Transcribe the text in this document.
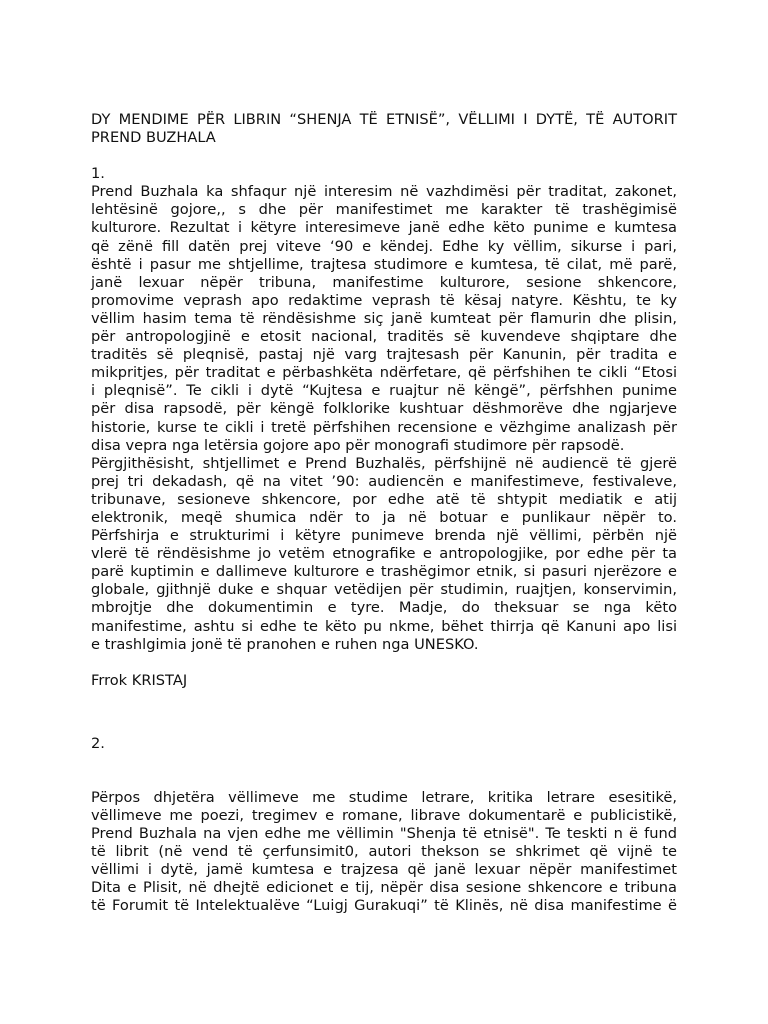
DY MENDIME PËR LIBRIN “SHENJA TË ETNISË”, VËLLIMI I DYTË, TË AUTORIT
PREND BUZHALA

1.

Prend Buzhala ka shfaqur një interesim në vazhdimësi për traditat, zakonet,
lehtësinë gojore,, s dhe për manifestimet me karakter të trashëgimisë
kulturore. Rezultat i këtyre interesimeve janë edhe këto punime e kumtesa
që zënë fill datën prej viteve ‘90 e këndej. Edhe ky vëllim, sikurse i pari,
është i pasur me shtjellime, trajtesa studimore e kumtesa, të cilat, më parë,
janë lexuar nëpër tribuna, manifestime kulturore, sesione shkencore,
promovime veprash apo redaktime veprash të kësaj natyre. Kështu, te ky
vëllim hasim tema të rëndësishme siç janë kumteat për flamurin dhe plisin,
për antropologjinë e etosit nacional, traditës së kuvendeve shqiptare dhe
traditës së pleqnisë, pastaj një varg trajtesash për Kanunin, për tradita e
mikpritjes, për traditat e përbashkëta ndërfetare, që përfshihen te cikli “Etosi
i pleqnisë”. Te cikli i dytë “Kujtesa e ruajtur në këngë”, përfshhen punime
për disa rapsodë, për këngë folklorike kushtuar dëshmorëve dhe ngjarjeve
historie, kurse te cikli i tretë përfshihen recensione e vëzhgime analizash për
disa vepra nga letërsia gojore apo për monografi studimore për rapsodë.

Përgjithësisht, shtjellimet e Prend Buzhalës, përfshijnë në audiencë të gjerë
prej tri dekadash, që na vitet ’90: audiencën e manifestimeve, festivaleve,
tribunave, sesioneve shkencore, por edhe atë të shtypit mediatik e atij
elektronik, meqë shumica ndër to ja në botuar e punlikaur nëpër to.
Përfshirja e strukturimi i këtyre punimeve brenda një vëllimi, përbën një
vlerë të rëndësishme jo vetëm etnografike e antropologjike, por edhe për ta
parë kuptimin e dallimeve kulturore e trashëgimor etnik, si pasuri njerëzore e
globale, gjithnjë duke e shquar vetëdijen për studimin, ruajtjen, konservimin,
mbrojtje dhe dokumentimin e tyre. Madje, do theksuar se nga këto
manifestime, ashtu si edhe te këto pu nkme, bëhet thirrja që Kanuni apo lisi
e trashlgimia jonë të pranohen e ruhen nga UNESKO.

Frrok KRISTAJ

2.

Përpos dhjetëra vëllimeve me studime letrare, kritika letrare esesitikë,
vëllimeve me poezi, tregimev e romane, librave dokumentarë e publicistikë,
Prend Buzhala na vjen edhe me vëllimin "Shenja të etnisë". Te teskti n ë fund
të librit (në vend të çerfunsimit0, autori thekson se shkrimet që vijnë te
vëllimi i dytë, jamë kumtesa e trajzesa që janë lexuar nëpër manifestimet
Dita e Plisit, në dhejtë edicionet e tij, nëpër disa sesione shkencore e tribuna
të Forumit të Intelektualëve “Luigj Gurakuqi” të Klinës, në disa manifestime ë
